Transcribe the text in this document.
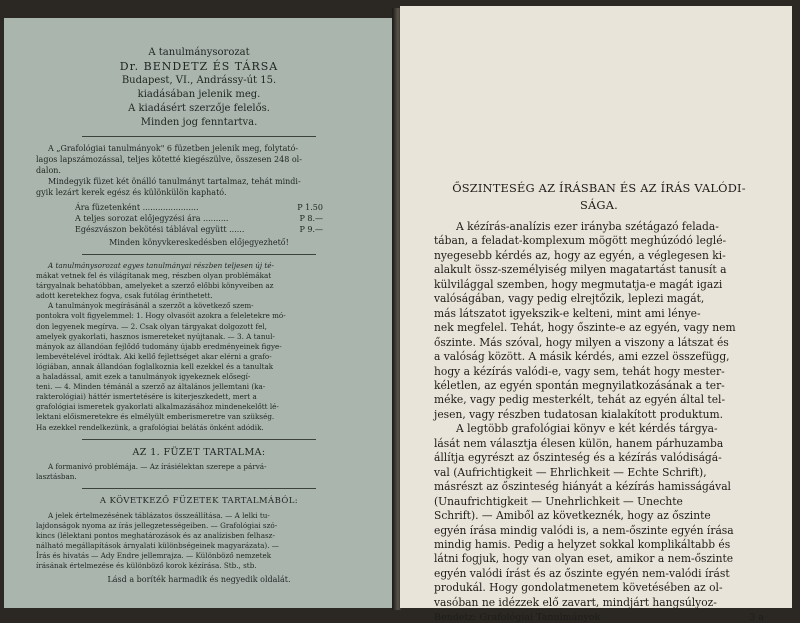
A tanulmánysorozat
Dr. BENDETZ ÉS TÁRSA
Budapest, VI., Andrássy-út 15.
kiadásában jelenik meg.
A kiadásért szerzője felelős.
Minden jog fenntartva.

A „Grafológiai tanulmányok" 6 füzetben jelenik meg, folytató-

lagos lapszámozással, teljes kötetté kiegészülve, összesen 248 ol-

dalon.

Mindegyik füzet két önálló tanulmányt tartalmaz, tehát mindi-

gyik lezárt kerek egész és különkülön kapható.

Ára füzetenként ......................	P 1.50
A teljes sorozat előjegyzési ára ..........	P 8.—
Egészvászon bekötési táblával együtt ......	P 9.—
Minden könyvkereskedésben előjegyezhető!

A tanulmánysorozat egyes tanulmányai részben teljesen új té-

mákat vetnek fel és világítanak meg, részben olyan problémákat

tárgyalnak behatóbban, amelyeket a szerző előbbi könyveiben az

adott keretekhez fogva, csak futólag érinthetett.

A tanulmányok megírásánál a szerzőt a következő szem-

pontokra volt figyelemmel: 1. Hogy olvasóit azokra a feleletekre mó-

don legyenek megírva. — 2. Csak olyan tárgyakat dolgozott fel,

amelyek gyakorlati, hasznos ismereteket nyújtanak. — 3. A tanul-

mányok az állandóan fejlődő tudomány újabb eredményeinek figye-

lembevételével íródtak. Aki kellő fejlettséget akar elérni a grafo-

lógiában, annak állandóan foglalkoznia kell ezekkel és a tanultak

a haladással, amit ezek a tanulmányok igyekeznek elősegí-

teni. — 4. Minden témánál a szerző az általános jellemtani (ka-

rakterológiai) háttér ismertetésére is kiterjeszkedett, mert a

grafológiai ismeretek gyakorlati alkalmazásához mindenekelőtt lé-

lektani előismeretekre és elmélyült emberismeretre van szükség.

Ha ezekkel rendelkezünk, a grafológiai belátás önként adódik.

AZ 1. FÜZET TARTALMA:

A formanivó problémája. — Az írásiélektan szerepe a párvá-

lasztásban.

A KÖVETKEZŐ FÜZETEK TARTALMÁBÓL:

A jelek értelmezésének táblázatos összeállítása. — A lelki tu-

lajdonságok nyoma az írás jellegzetességeiben. — Grafológiai szó-

kincs (lélektani pontos meghatározások és az analízisben felhasz-

nálható megállapítások árnyalati különbségeinek magyarázata). —

Írás és hivatás — Ady Endre jellemrajza. — Különböző nemzetek

írásának értelmezése és különböző korok kézírása. Stb., stb.

Lásd a boríték harmadik és negyedik oldalát.
ŐSZINTESÉG AZ ÍRÁSBAN ÉS AZ ÍRÁS VALÓDI-
SÁGA.

A kézírás-analízis ezer irányba szétágazó felada-

tában, a feladat-komplexum mögött meghúzódó leglé-

nyegesebb kérdés az, hogy az egyén, a véglegesen ki-

alakult össz-személyiség milyen magatartást tanusít a

külvilággal szemben, hogy megmutatja-e magát igazi

valóságában, vagy pedig elrejtőzik, leplezi magát,

más látszatot igyekszik-e kelteni, mint ami lénye-

nek megfelel. Tehát, hogy őszinte-e az egyén, vagy nem

őszinte. Más szóval, hogy milyen a viszony a látszat és

a valóság között. A másik kérdés, ami ezzel összefügg,

hogy a kézírás valódi-e, vagy sem, tehát hogy mester-

kéletlen, az egyén spontán megnyilatkozásának a ter-

méke, vagy pedig mesterkélt, tehát az egyén által tel-

jesen, vagy részben tudatosan kialakított produktum.

A legtöbb grafológiai könyv e két kérdés tárgya-

lását nem választja élesen külön, hanem párhuzamba

állítja egyrészt az őszinteség és a kézírás valódiságá-

val (Aufrichtigkeit — Ehrlichkeit — Echte Schrift),

másrészt az őszinteség hiányát a kézírás hamisságával

(Unaufrichtigkeit — Unehrlichkeit — Unechte

Schrift). — Amiből az következnék, hogy az őszinte

egyén írása mindig valódi is, a nem-őszinte egyén írása

mindig hamis. Pedig a helyzet sokkal komplikáltabb és

látni fogjuk, hogy van olyan eset, amikor a nem-őszinte

egyén valódi írást és az őszinte egyén nem-valódi írást

produkál. Hogy gondolatmenetem követésében az ol-

vasóban ne idézzek elő zavart, mindjárt hangsúlyoz-

Bendetz: Grafológiai Tanulmányok	3 a
